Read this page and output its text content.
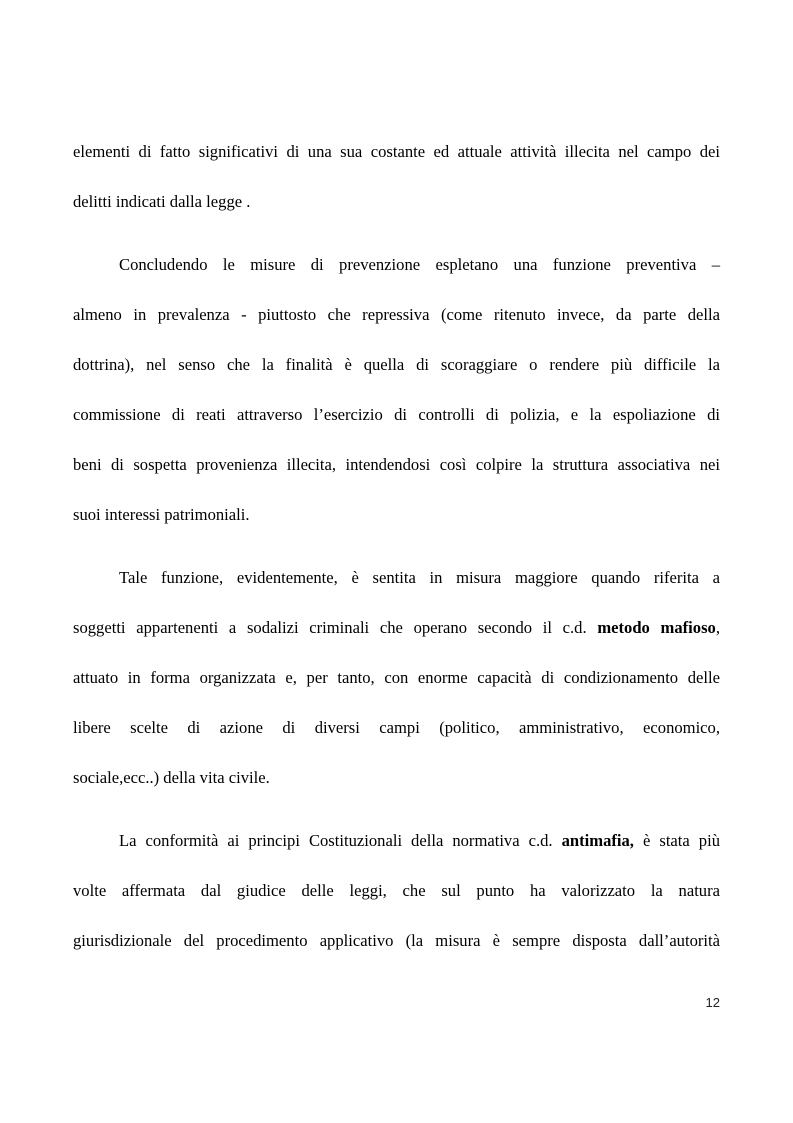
elementi di fatto significativi di una sua costante ed attuale attività illecita nel campo dei
delitti indicati dalla legge .
Concludendo le misure di prevenzione espletano una funzione preventiva –
almeno in prevalenza - piuttosto che repressiva (come ritenuto invece, da parte della
dottrina), nel senso che la finalità è quella di scoraggiare o rendere più difficile la
commissione di reati attraverso l’esercizio di controlli di polizia, e la espoliazione di
beni di sospetta provenienza illecita, intendendosi così colpire la struttura associativa nei
suoi interessi patrimoniali.
Tale funzione, evidentemente, è sentita in misura maggiore quando riferita a
soggetti appartenenti a sodalizi criminali che operano secondo il c.d. metodo mafioso,
attuato in forma organizzata e, per tanto, con enorme capacità di condizionamento delle
libere scelte di azione di diversi campi (politico, amministrativo, economico,
sociale,ecc..) della vita civile.
La conformità ai principi Costituzionali della normativa c.d. antimafia, è stata più
volte affermata dal giudice delle leggi, che sul punto ha valorizzato la natura
giurisdizionale del procedimento applicativo (la misura è sempre disposta dall’autorità
12
